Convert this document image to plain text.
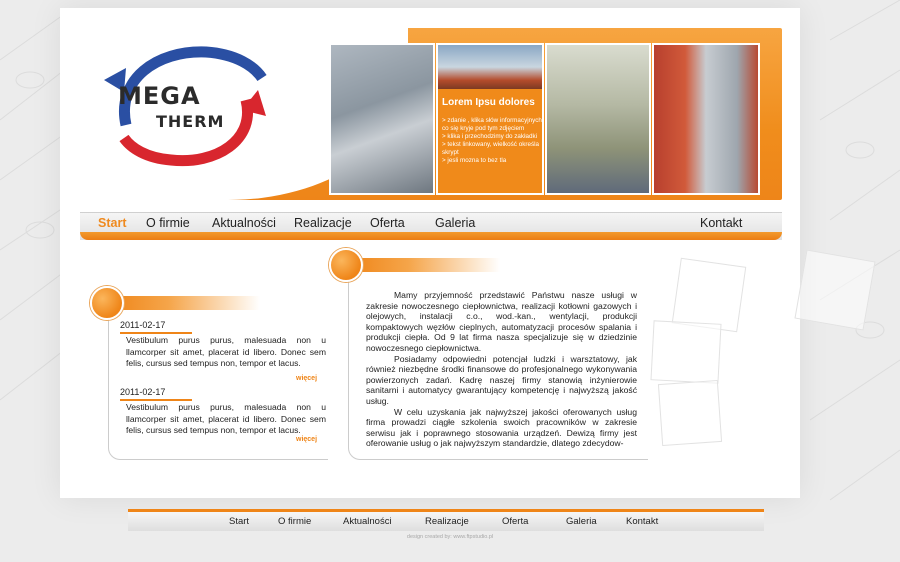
MEGA
THERM
Lorem Ipsu dolores
> zdanie , klika słów informacyjnych co się kryje pod tym zdjęciem
> klika i przechodzimy do zakładki
> tekst linkowany, wielkość określa skrypt
> jesli mozna to bez tla
Start O firmie Aktualności Realizacje Oferta Galeria	Kontakt
2011-02-17
Vestibulum purus purus, malesuada non u llamcorper sit amet, placerat id libero. Donec sem felis, cursus sed tempus non, tempor et lacus.
więcej
2011-02-17
Vestibulum purus purus, malesuada non u llamcorper sit amet, placerat id libero. Donec sem felis, cursus sed tempus non, tempor et lacus.
więcej

Mamy przyjemność przedstawić Państwu nasze usługi w zakresie nowoczesnego ciepłownictwa, realizacji kotłowni gazowych i olejowych, instalacji c.o., wod.-kan., wentylacji, produkcji kompaktowych węzłów cieplnych, automatyzacji procesów spalania i produkcji ciepła. Od 9 lat firma nasza specjalizuje się w dziedzinie nowoczesnego ciepłownictwa.

Posiadamy odpowiedni potencjał ludzki i warsztatowy, jak również niezbędne środki finansowe do profesjonalnego wykonywania powierzonych zadań. Kadrę naszej firmy stanowią inżynierowie sanitarni i automatycy gwarantujący kompetencję i najwyższą jakość usług.

W celu uzyskania jak najwyższej jakości oferowanych usług firma prowadzi ciągłe szkolenia swoich pracowników w zakresie serwisu jak i poprawnego stosowania urządzeń. Dewizą firmy jest oferowanie usług o jak najwyższym standardzie, dlatego zdecydow-

Start	O firmie	Aktualności	Realizacje	Oferta	Galeria	Kontakt
design created by: www.ftpstudio.pl
